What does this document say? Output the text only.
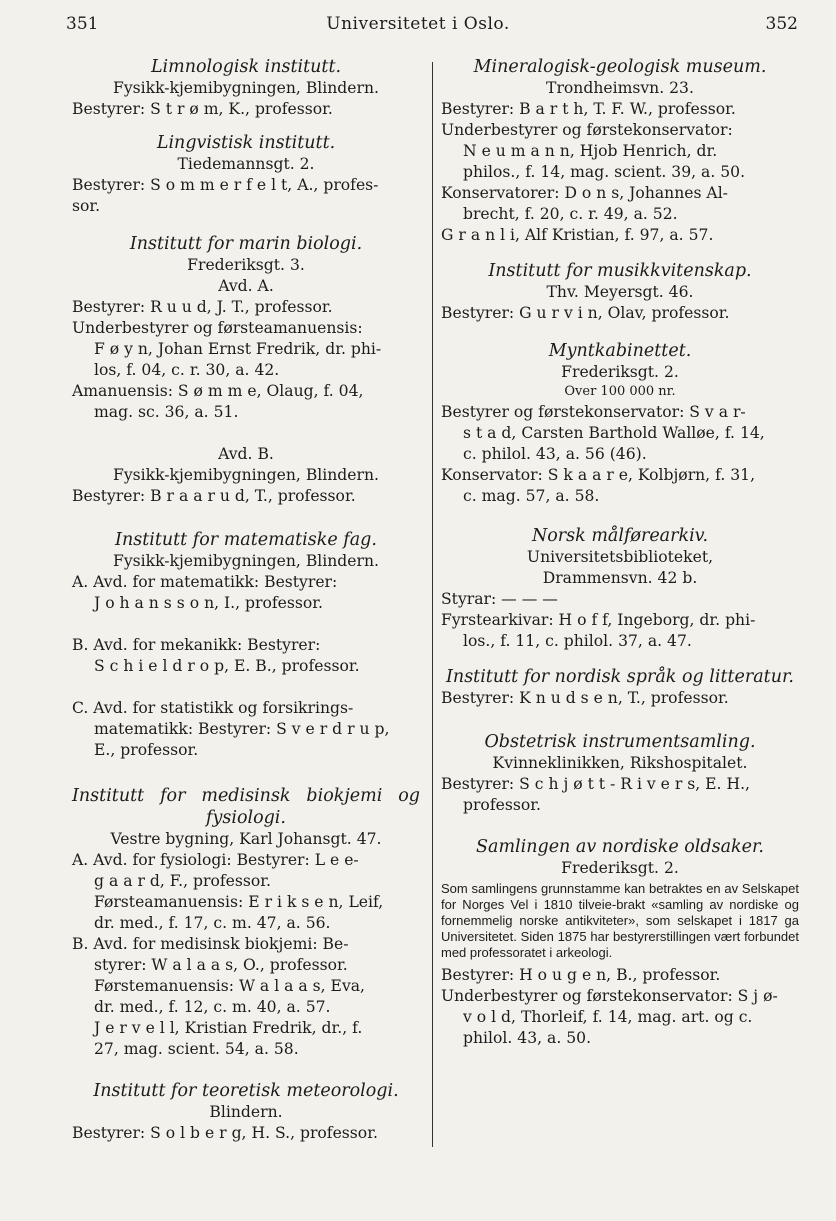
351	Universitetet i Oslo.	352
Limnologisk institutt.
Fysikk-kjemibygningen, Blindern.
Bestyrer: S t r ø m, K., professor.
Lingvistisk institutt.
Tiedemannsgt. 2.
Bestyrer: S o m m e r f e l t, A., profes-
sor.
Institutt for marin biologi.
Frederiksgt. 3.
Avd. A.
Bestyrer: R u u d, J. T., professor.
Underbestyrer og førsteamanuensis:
F ø y n, Johan Ernst Fredrik, dr. phi-
los, f. 04, c. r. 30, a. 42.
Amanuensis: S ø m m e, Olaug, f. 04,
mag. sc. 36, a. 51.
Avd. B.
Fysikk-kjemibygningen, Blindern.
Bestyrer: B r a a r u d, T., professor.
Institutt for matematiske fag.
Fysikk-kjemibygningen, Blindern.
A. Avd. for matematikk: Bestyrer:
J o h a n s s o n, I., professor.
B. Avd. for mekanikk: Bestyrer:
S c h i e l d r o p, E. B., professor.
C. Avd. for statistikk og forsikrings-
matematikk: Bestyrer: S v e r d r u p,
E., professor.
Institutt for medisinsk biokjemi og fysiologi.
Vestre bygning, Karl Johansgt. 47.
A. Avd. for fysiologi: Bestyrer: L e e-
g a a r d, F., professor.
Førsteamanuensis: E r i k s e n, Leif,
dr. med., f. 17, c. m. 47, a. 56.
B. Avd. for medisinsk biokjemi: Be-
styrer: W a l a a s, O., professor.
Førstemanuensis: W a l a a s, Eva,
dr. med., f. 12, c. m. 40, a. 57.
J e r v e l l, Kristian Fredrik, dr., f.
27, mag. scient. 54, a. 58.
Institutt for teoretisk meteorologi.
Blindern.
Bestyrer: S o l b e r g, H. S., professor.
Mineralogisk-geologisk museum.
Trondheimsvn. 23.
Bestyrer: B a r t h, T. F. W., professor.
Underbestyrer og førstekonservator:
N e u m a n n, Hjob Henrich, dr.
philos., f. 14, mag. scient. 39, a. 50.
Konservatorer: D o n s, Johannes Al-
brecht, f. 20, c. r. 49, a. 52.
G r a n l i, Alf Kristian, f. 97, a. 57.
Institutt for musikkvitenskap.
Thv. Meyersgt. 46.
Bestyrer: G u r v i n, Olav, professor.
Myntkabinettet.
Frederiksgt. 2.
Over 100 000 nr.
Bestyrer og førstekonservator: S v a r-
s t a d, Carsten Barthold Walløe, f. 14,
c. philol. 43, a. 56 (46).
Konservator: S k a a r e, Kolbjørn, f. 31,
c. mag. 57, a. 58.
Norsk målførearkiv.
Universitetsbiblioteket,
Drammensvn. 42 b.
Styrar: — — —
Fyrstearkivar: H o f f, Ingeborg, dr. phi-
los., f. 11, c. philol. 37, a. 47.
Institutt for nordisk språk og litteratur.
Bestyrer: K n u d s e n, T., professor.
Obstetrisk instrumentsamling.
Kvinneklinikken, Rikshospitalet.
Bestyrer: S c h j ø t t - R i v e r s, E. H.,
professor.
Samlingen av nordiske oldsaker.
Frederiksgt. 2.
Som samlingens grunnstamme kan betraktes en av Selskapet for Norges Vel i 1810 tilveie-brakt «samling av nordiske og fornemmelig norske antikviteter», som selskapet i 1817 ga Universitetet. Siden 1875 har bestyrerstillingen vært forbundet med professoratet i arkeologi.
Bestyrer: H o u g e n, B., professor.
Underbestyrer og førstekonservator: S j ø-
v o l d, Thorleif, f. 14, mag. art. og c.
philol. 43, a. 50.
